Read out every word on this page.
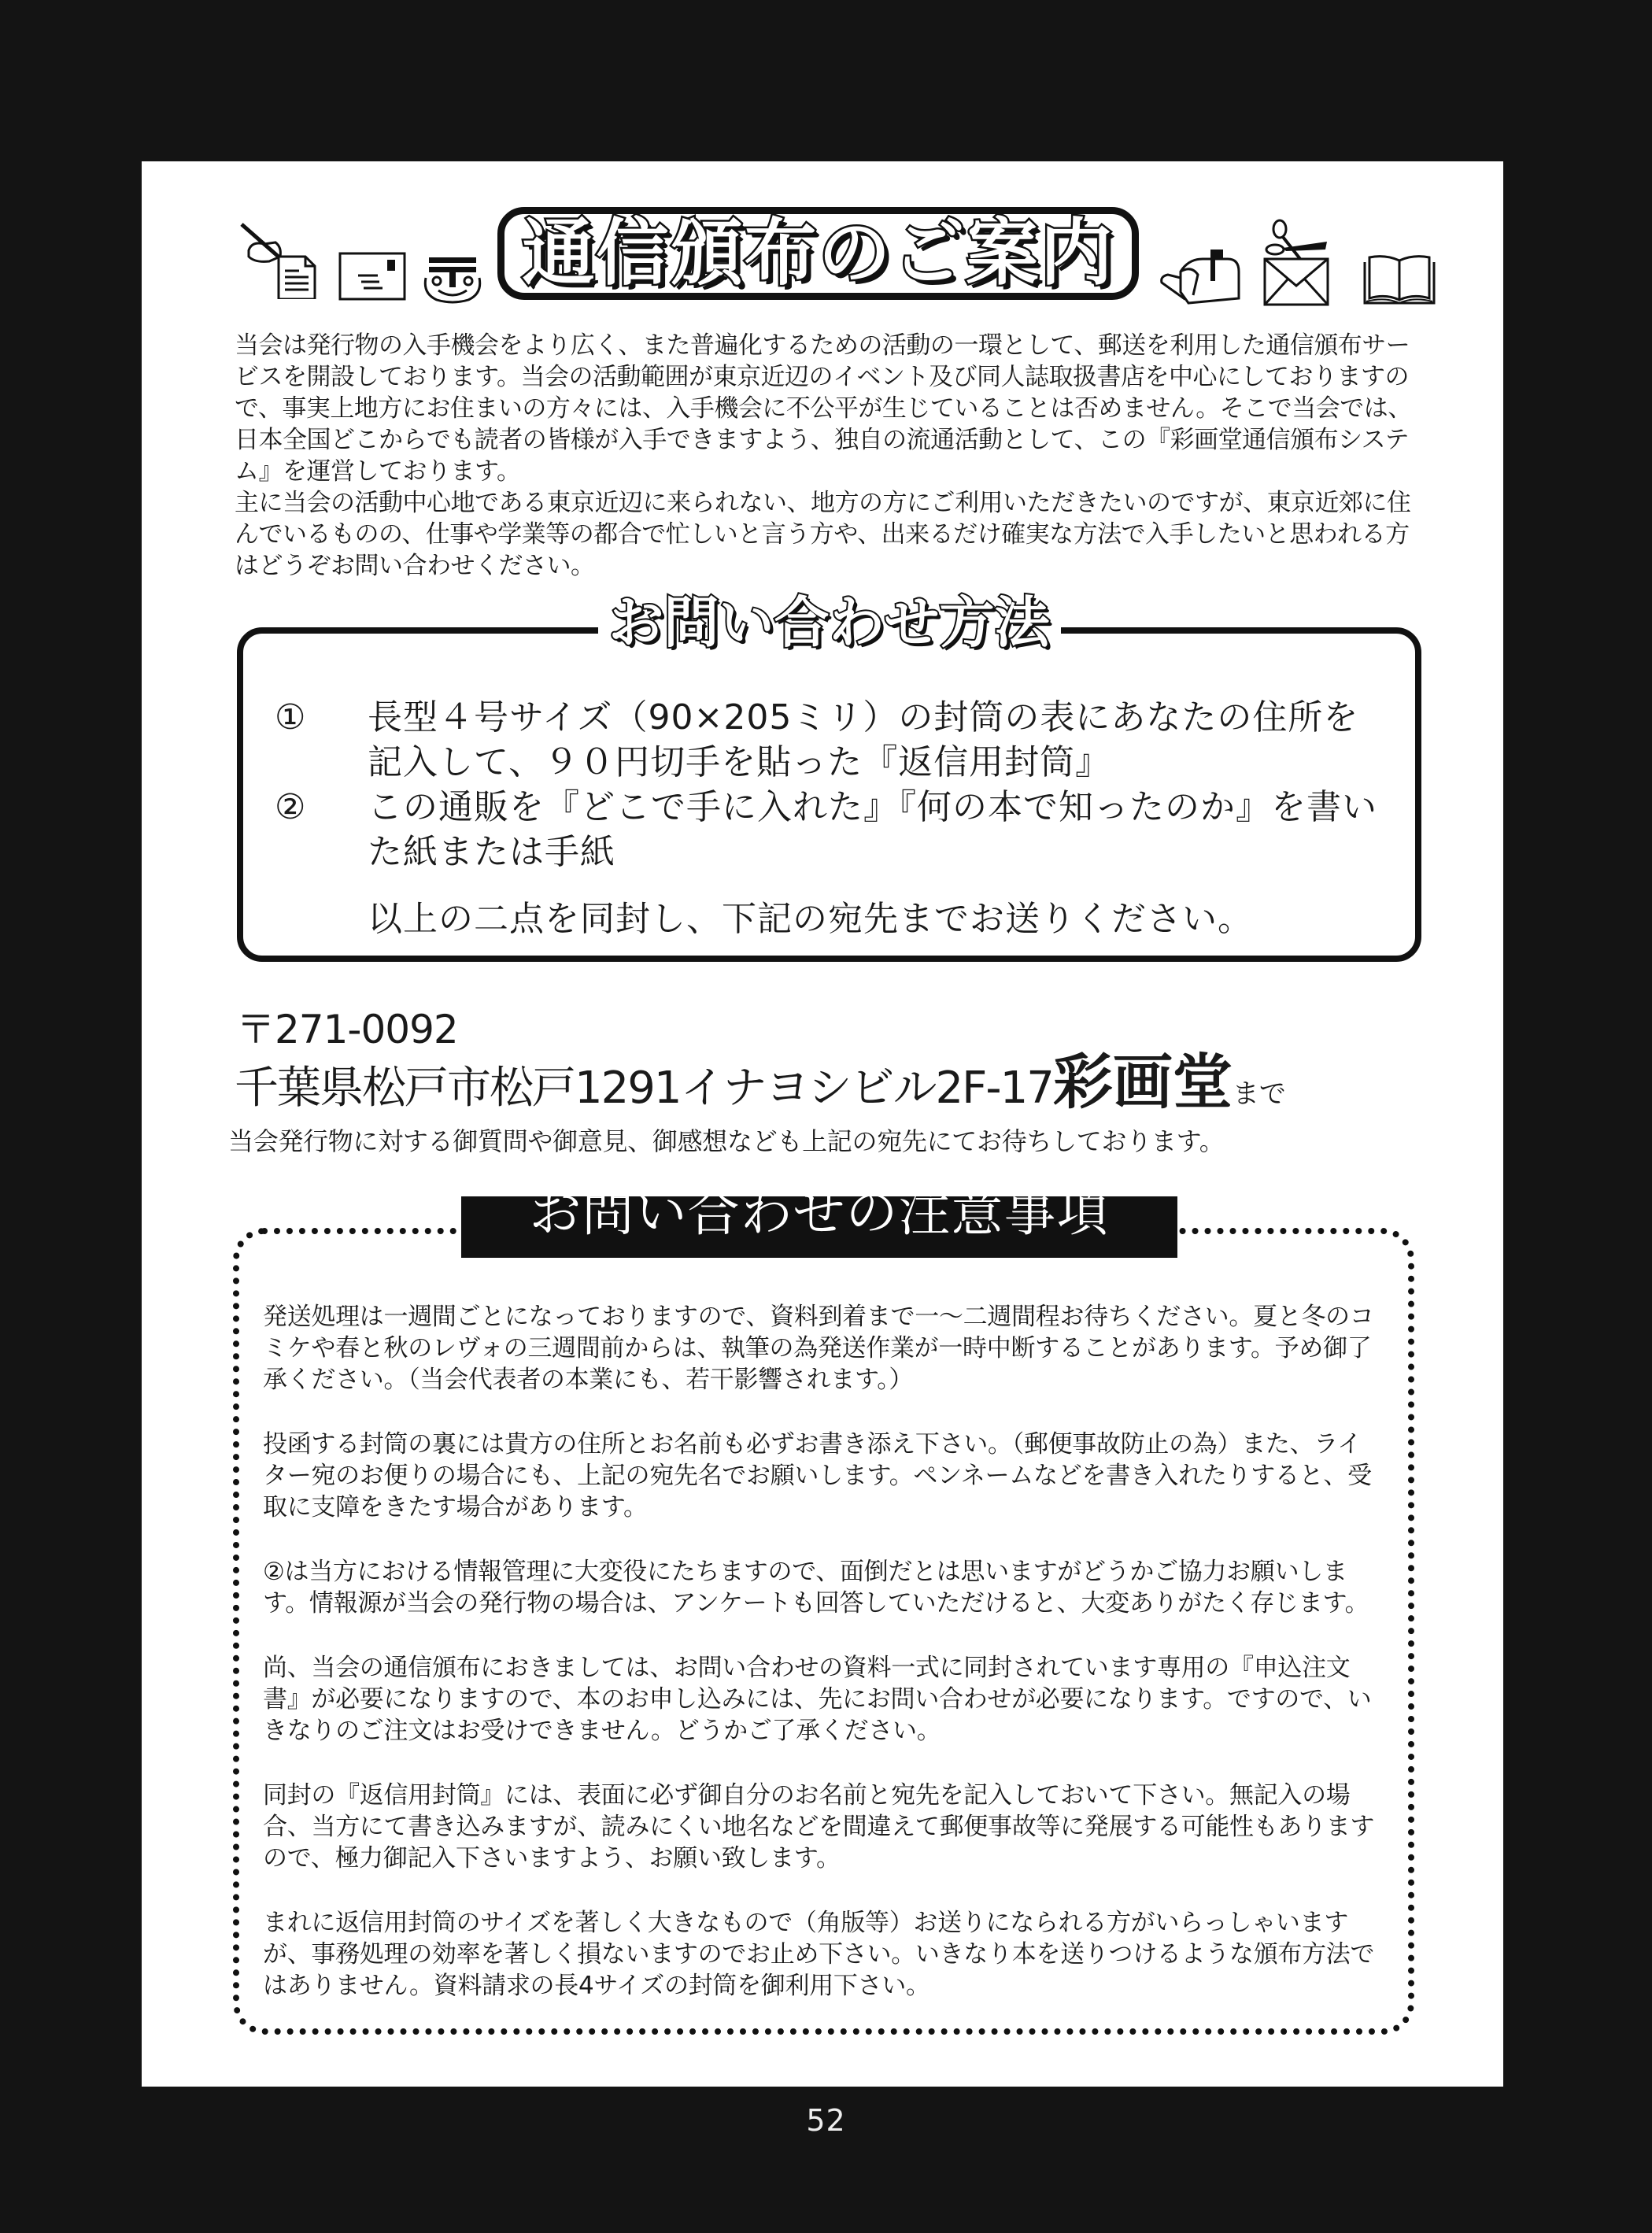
通信頒布のご案内

当会は発行物の入手機会をより広く、また普遍化するための活動の一環として、郵送を利用した通信頒布サービスを開設しております。当会の活動範囲が東京近辺のイベント及び同人誌取扱書店を中心にしておりますので、事実上地方にお住まいの方々には、入手機会に不公平が生じていることは否めません。そこで当会では、日本全国どこからでも読者の皆様が入手できますよう、独自の流通活動として、この『彩画堂通信頒布システム』を運営しております。

主に当会の活動中心地である東京近辺に来られない、地方の方にご利用いただきたいのですが、東京近郊に住んでいるものの、仕事や学業等の都合で忙しいと言う方や、出来るだけ確実な方法で入手したいと思われる方はどうぞお問い合わせください。

お問い合わせ方法
①	長型４号サイズ（90×205ミリ）の封筒の表にあなたの住所を記入して、９０円切手を貼った『返信用封筒』
②	この通販を『どこで手に入れた』『何の本で知ったのか』を書いた紙または手紙
以上の二点を同封し、下記の宛先までお送りください。
〒271-0092
千葉県松戸市松戸1291イナヨシビル2F-17彩画堂まで
当会発行物に対する御質問や御意見、御感想なども上記の宛先にてお待ちしております。
お問い合わせの注意事項

発送処理は一週間ごとになっておりますので、資料到着まで一～二週間程お待ちください。夏と冬のコミケや春と秋のレヴォの三週間前からは、執筆の為発送作業が一時中断することがあります。予め御了承ください。（当会代表者の本業にも、若干影響されます。）

投函する封筒の裏には貴方の住所とお名前も必ずお書き添え下さい。（郵便事故防止の為）また、ライター宛のお便りの場合にも、上記の宛先名でお願いします。ペンネームなどを書き入れたりすると、受取に支障をきたす場合があります。

②は当方における情報管理に大変役にたちますので、面倒だとは思いますがどうかご協力お願いします。情報源が当会の発行物の場合は、アンケートも回答していただけると、大変ありがたく存じます。

尚、当会の通信頒布におきましては、お問い合わせの資料一式に同封されています専用の『申込注文書』が必要になりますので、本のお申し込みには、先にお問い合わせが必要になります。ですので、いきなりのご注文はお受けできません。どうかご了承ください。

同封の『返信用封筒』には、表面に必ず御自分のお名前と宛先を記入しておいて下さい。無記入の場合、当方にて書き込みますが、読みにくい地名などを間違えて郵便事故等に発展する可能性もありますので、極力御記入下さいますよう、お願い致します。

まれに返信用封筒のサイズを著しく大きなもので（角版等）お送りになられる方がいらっしゃいますが、事務処理の効率を著しく損ないますのでお止め下さい。いきなり本を送りつけるような頒布方法ではありません。資料請求の長4サイズの封筒を御利用下さい。

52
